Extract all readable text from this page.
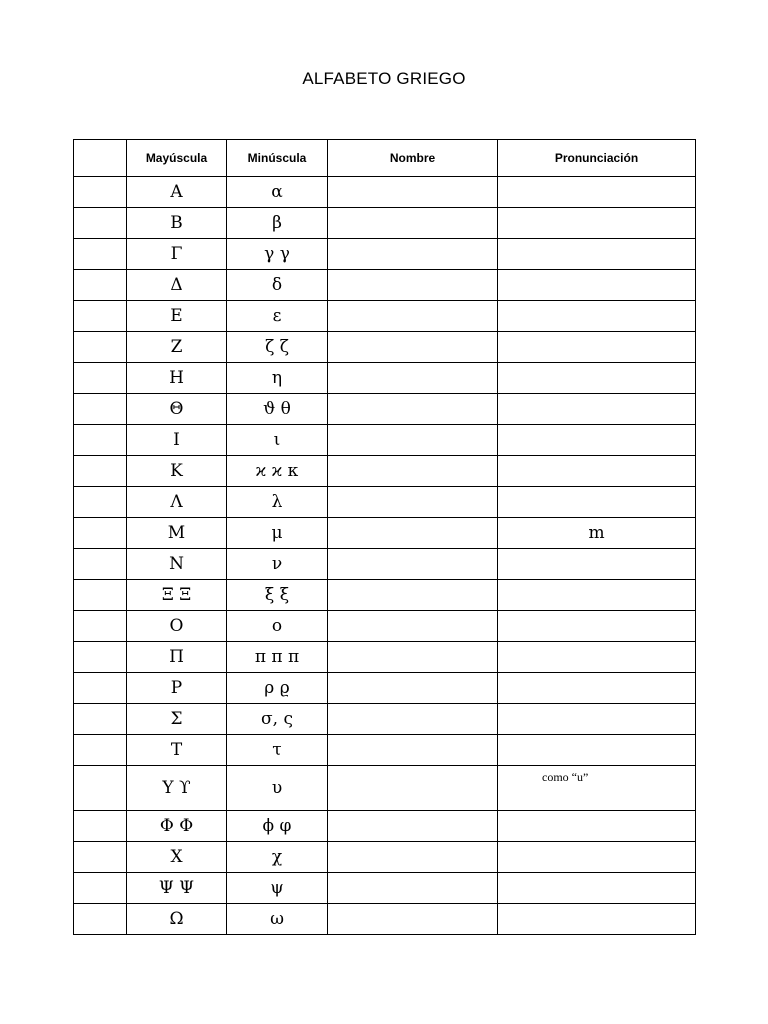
ALFABETO GRIEGO
	Mayúscula	Minúscula	Nombre	Pronunciación
	Α	α		
	Β	β		
	Γ	γ γ		
	Δ	δ		
	Ε	ε		
	Ζ	ζ ζ		
	Η	η		
	Θ	ϑ θ		
	Ι	ι		
	Κ	ϰ ϰ κ		
	Λ	λ		
	Μ	μ		m
	Ν	ν		
	Ξ Ξ	ξ ξ		
	Ο	ο		
	Π	π π π		
	Ρ	ρ ϱ		
	Σ	σ, ς		
	Τ	τ		
	Υ ϒ	υ		como “u”
	Φ Φ	ϕ φ		
	Χ	χ		
	Ψ Ψ	ψ		
	Ω	ω		
